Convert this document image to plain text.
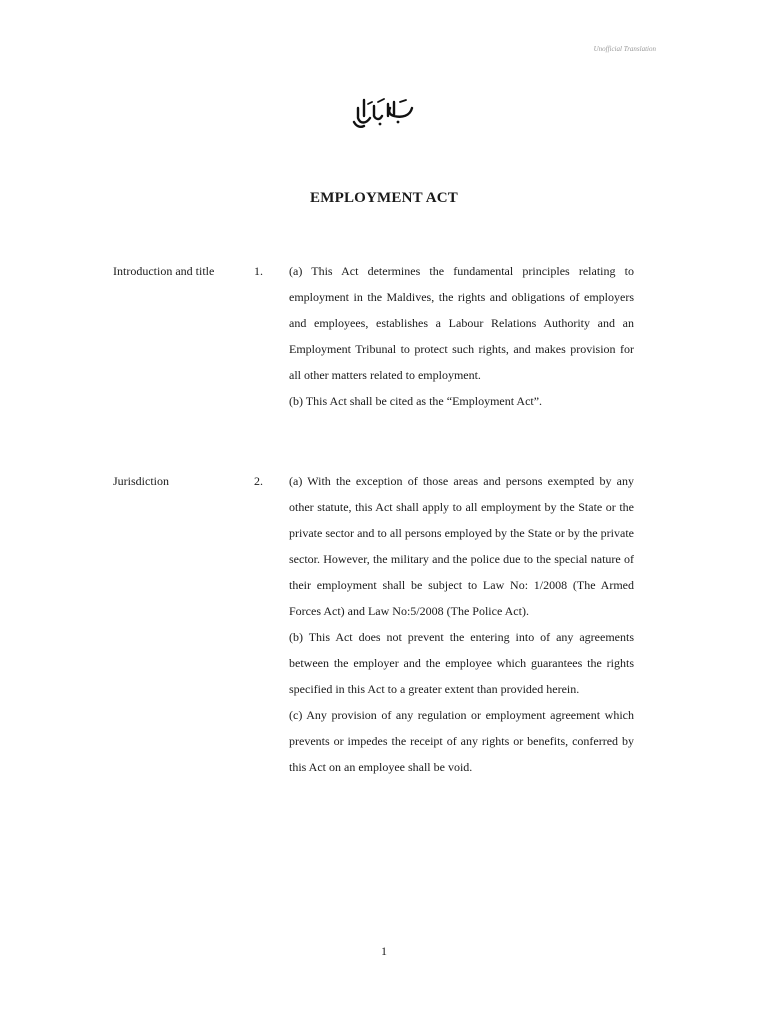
Unofficial Translation
EMPLOYMENT ACT
Introduction and title	1. (a) This Act determines the fundamental principles relating to employment in the Maldives, the rights and obligations of employers and employees, establishes a Labour Relations Authority and an Employment Tribunal to protect such rights, and makes provision for all other matters related to employment.

(b) This Act shall be cited as the “Employment Act”.

Jurisdiction	2. (a) With the exception of those areas and persons exempted by any other statute, this Act shall apply to all employment by the State or the private sector and to all persons employed by the State or by the private sector. However, the military and the police due to the special nature of their employment shall be subject to Law No: 1/2008 (The Armed Forces Act) and Law No:5/2008 (The Police Act).

(b) This Act does not prevent the entering into of any agreements between the employer and the employee which guarantees the rights specified in this Act to a greater extent than provided herein.

(c) Any provision of any regulation or employment agreement which prevents or impedes the receipt of any rights or benefits, conferred by this Act on an employee shall be void.

1
